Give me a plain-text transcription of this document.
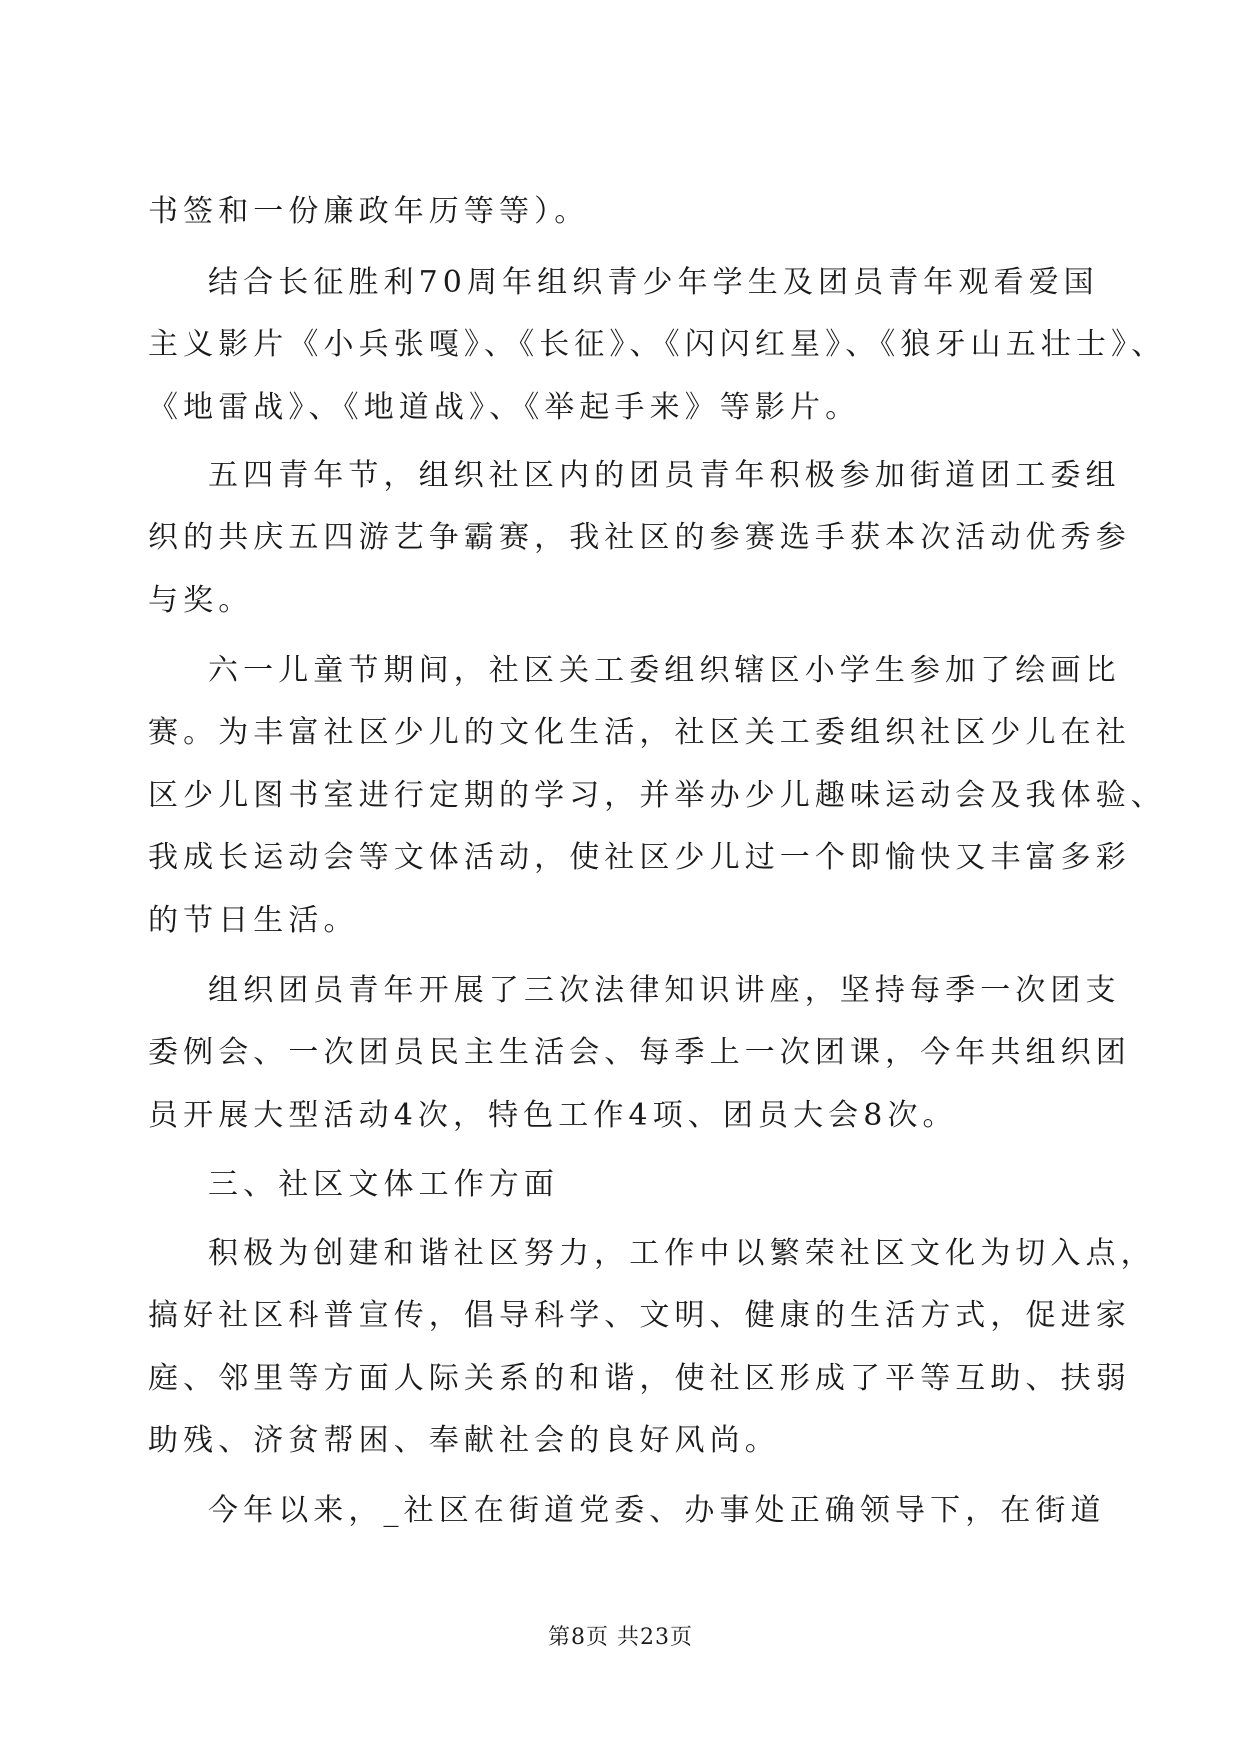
书签和一份廉政年历等等）。
结合长征胜利70周年组织青少年学生及团员青年观看爱国
主义影片《小兵张嘎》、《长征》、《闪闪红星》、《狼牙山五壮士》、
《地雷战》、《地道战》、《举起手来》等影片。
五四青年节，组织社区内的团员青年积极参加街道团工委组
织的共庆五四游艺争霸赛，我社区的参赛选手获本次活动优秀参
与奖。
六一儿童节期间，社区关工委组织辖区小学生参加了绘画比
赛。为丰富社区少儿的文化生活，社区关工委组织社区少儿在社
区少儿图书室进行定期的学习，并举办少儿趣味运动会及我体验、
我成长运动会等文体活动，使社区少儿过一个即愉快又丰富多彩
的节日生活。
组织团员青年开展了三次法律知识讲座，坚持每季一次团支
委例会、一次团员民主生活会、每季上一次团课，今年共组织团
员开展大型活动4次，特色工作4项、团员大会8次。
三、社区文体工作方面
积极为创建和谐社区努力，工作中以繁荣社区文化为切入点，
搞好社区科普宣传，倡导科学、文明、健康的生活方式，促进家
庭、邻里等方面人际关系的和谐，使社区形成了平等互助、扶弱
助残、济贫帮困、奉献社会的良好风尚。
今年以来，_社区在街道党委、办事处正确领导下，在街道
第8页 共23页
